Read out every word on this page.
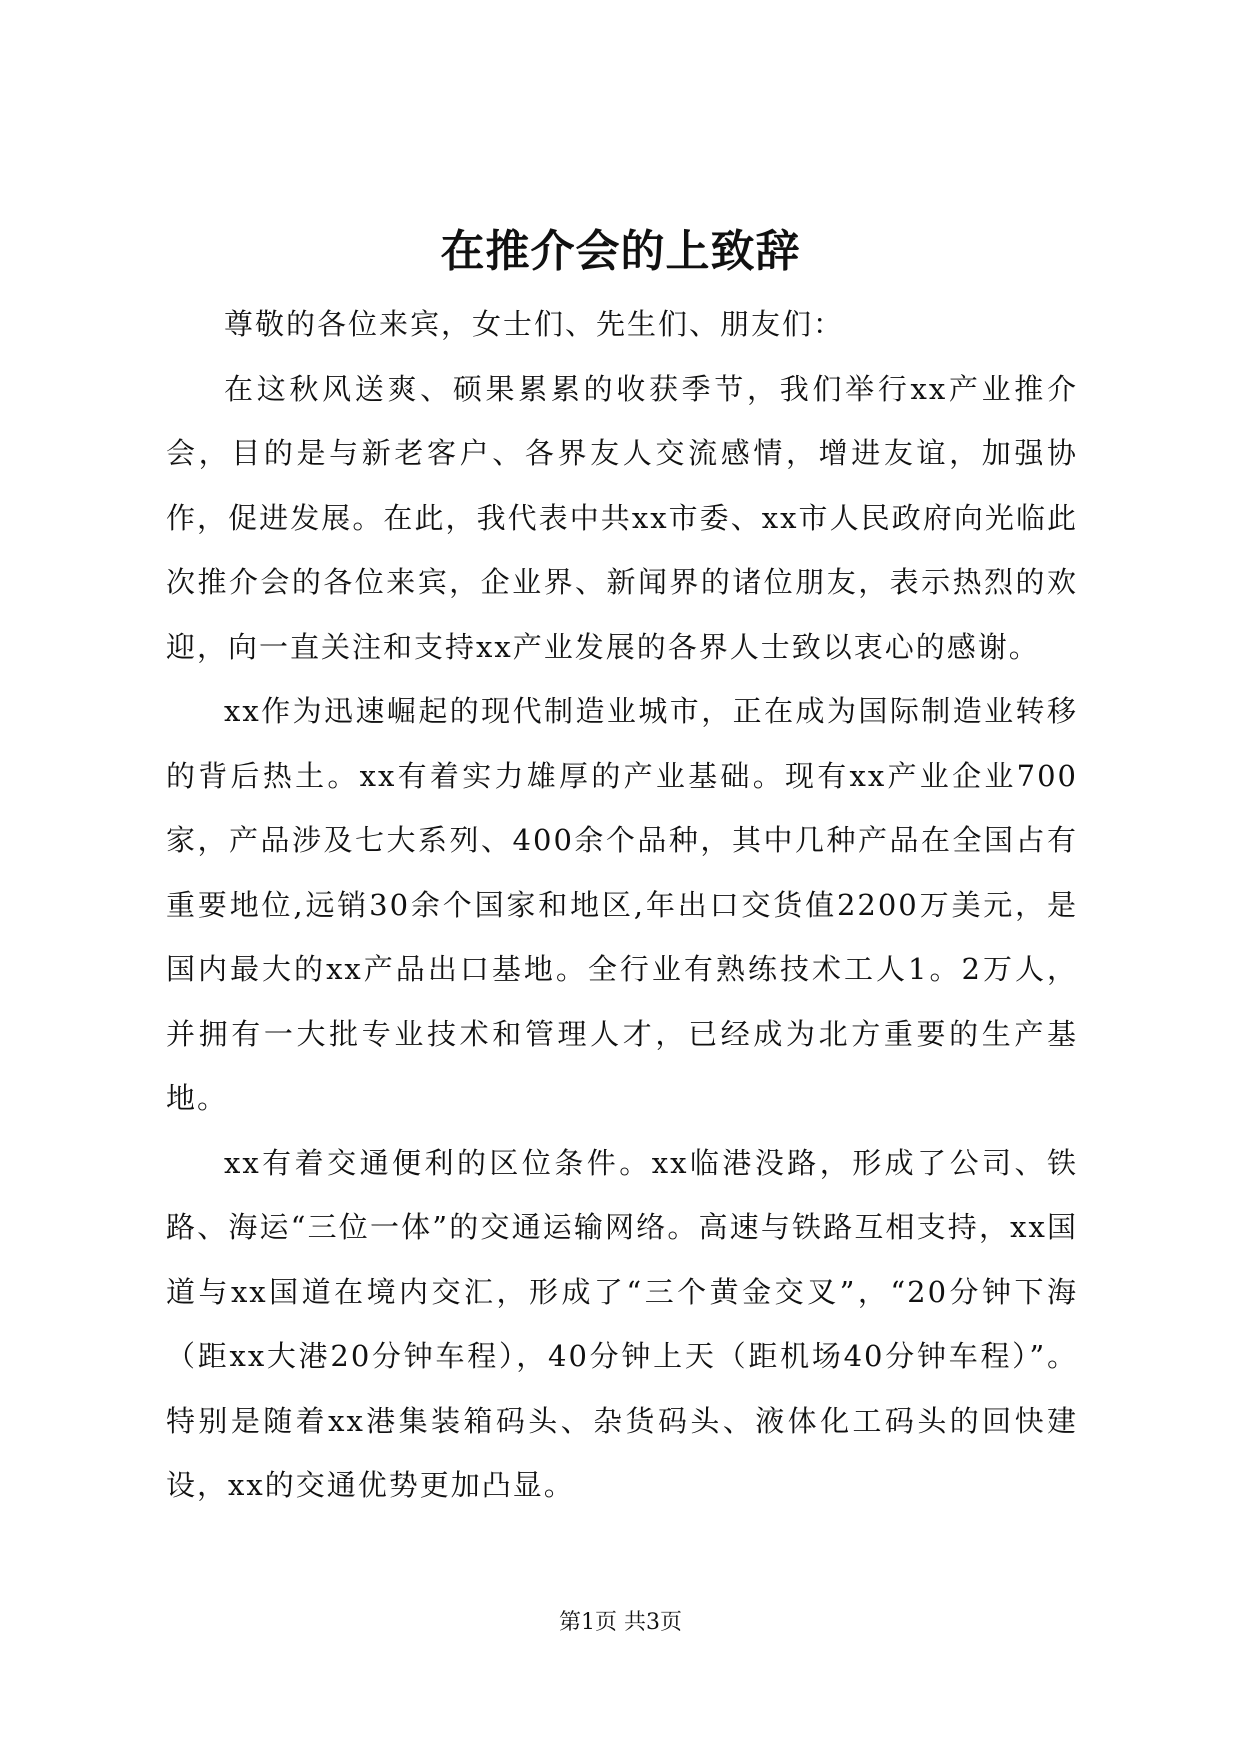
在推介会的上致辞

尊敬的各位来宾，女士们、先生们、朋友们：

在这秋风送爽、硕果累累的收获季节，我们举行xx产业推介会，目的是与新老客户、各界友人交流感情，增进友谊，加强协作，促进发展。在此，我代表中共xx市委、xx市人民政府向光临此次推介会的各位来宾，企业界、新闻界的诸位朋友，表示热烈的欢迎，向一直关注和支持xx产业发展的各界人士致以衷心的感谢。

xx作为迅速崛起的现代制造业城市，正在成为国际制造业转移的背后热土。xx有着实力雄厚的产业基础。现有xx产业企业700家，产品涉及七大系列、400余个品种，其中几种产品在全国占有重要地位,远销30余个国家和地区,年出口交货值2200万美元，是国内最大的xx产品出口基地。全行业有熟练技术工人1。2万人，并拥有一大批专业技术和管理人才，已经成为北方重要的生产基地。

xx有着交通便利的区位条件。xx临港没路，形成了公司、铁路、海运“三位一体”的交通运输网络。高速与铁路互相支持，xx国道与xx国道在境内交汇，形成了“三个黄金交叉”，“20分钟下海（距xx大港20分钟车程），40分钟上天（距机场40分钟车程）”。特别是随着xx港集装箱码头、杂货码头、液体化工码头的回快建设，xx的交通优势更加凸显。

第1页 共3页
